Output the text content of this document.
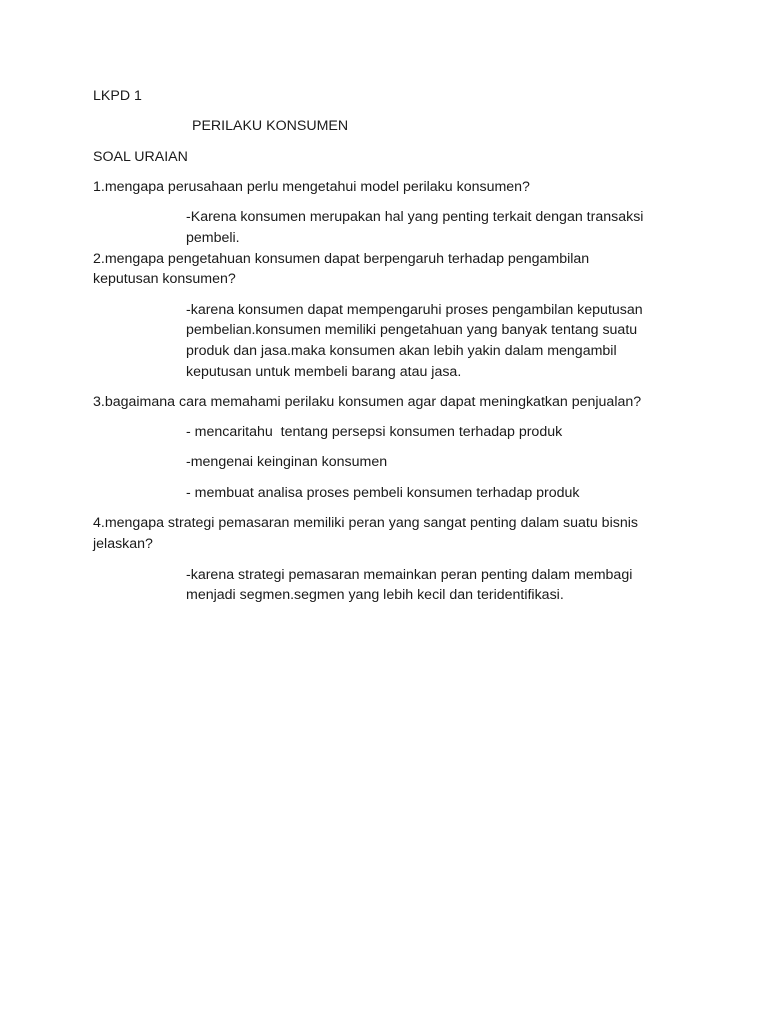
LKPD 1
PERILAKU KONSUMEN
SOAL URAIAN
1.mengapa perusahaan perlu mengetahui model perilaku konsumen?
-Karena konsumen merupakan hal yang penting terkait dengan transaksi
pembeli.
2.mengapa pengetahuan konsumen dapat berpengaruh terhadap pengambilan
keputusan konsumen?
-karena konsumen dapat mempengaruhi proses pengambilan keputusan
pembelian.konsumen memiliki pengetahuan yang banyak tentang suatu
produk dan jasa.maka konsumen akan lebih yakin dalam mengambil
keputusan untuk membeli barang atau jasa.
3.bagaimana cara memahami perilaku konsumen agar dapat meningkatkan penjualan?
- mencaritahu  tentang persepsi konsumen terhadap produk
-mengenai keinginan konsumen
- membuat analisa proses pembeli konsumen terhadap produk
4.mengapa strategi pemasaran memiliki peran yang sangat penting dalam suatu bisnis
jelaskan?
-karena strategi pemasaran memainkan peran penting dalam membagi
menjadi segmen.segmen yang lebih kecil dan teridentifikasi.
